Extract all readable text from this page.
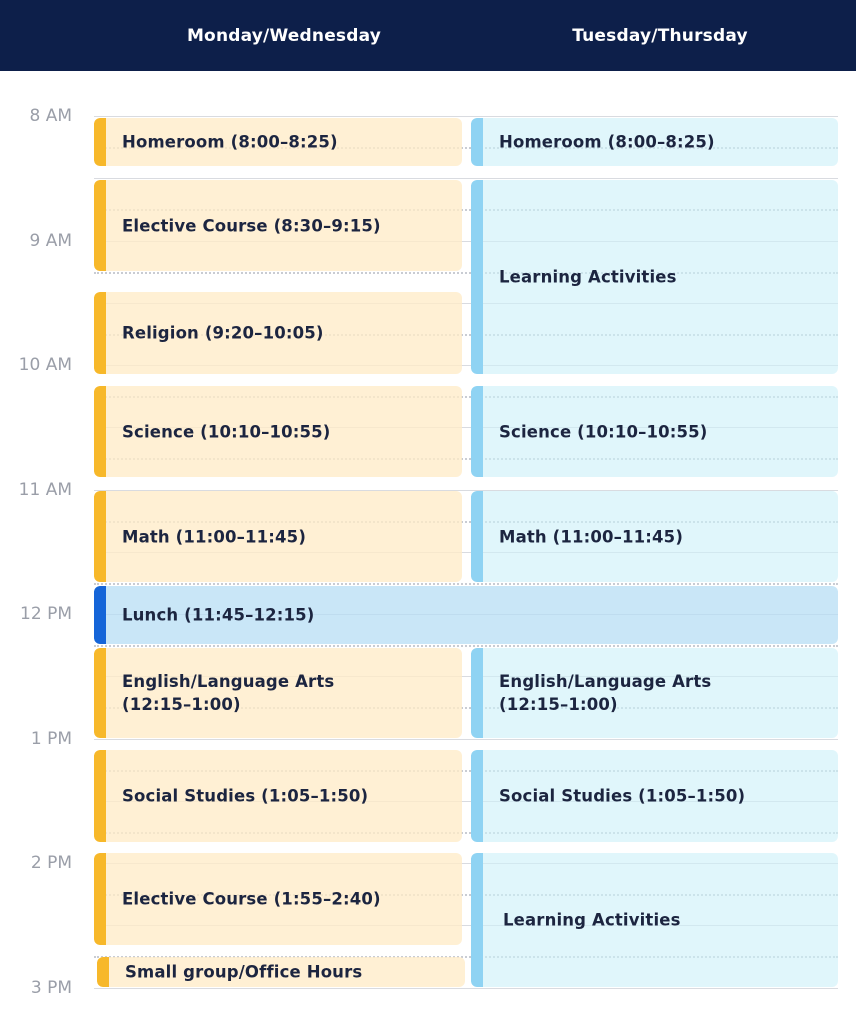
Monday/Wednesday	Tuesday/Thursday
8 AM
9 AM
10 AM
11 AM
12 PM
1 PM
2 PM
3 PM
Homeroom (8:00–8:25)
Elective Course (8:30–9:15)
Religion (9:20–10:05)
Science (10:10–10:55)
Math (11:00–11:45)
English/Language Arts
(12:15–1:00)
Social Studies (1:05–1:50)
Elective Course (1:55–2:40)
Small group/Office Hours
Homeroom (8:00–8:25)
Learning Activities
Science (10:10–10:55)
Math (11:00–11:45)
English/Language Arts
(12:15–1:00)
Social Studies (1:05–1:50)
Learning Activities
Lunch (11:45–12:15)
